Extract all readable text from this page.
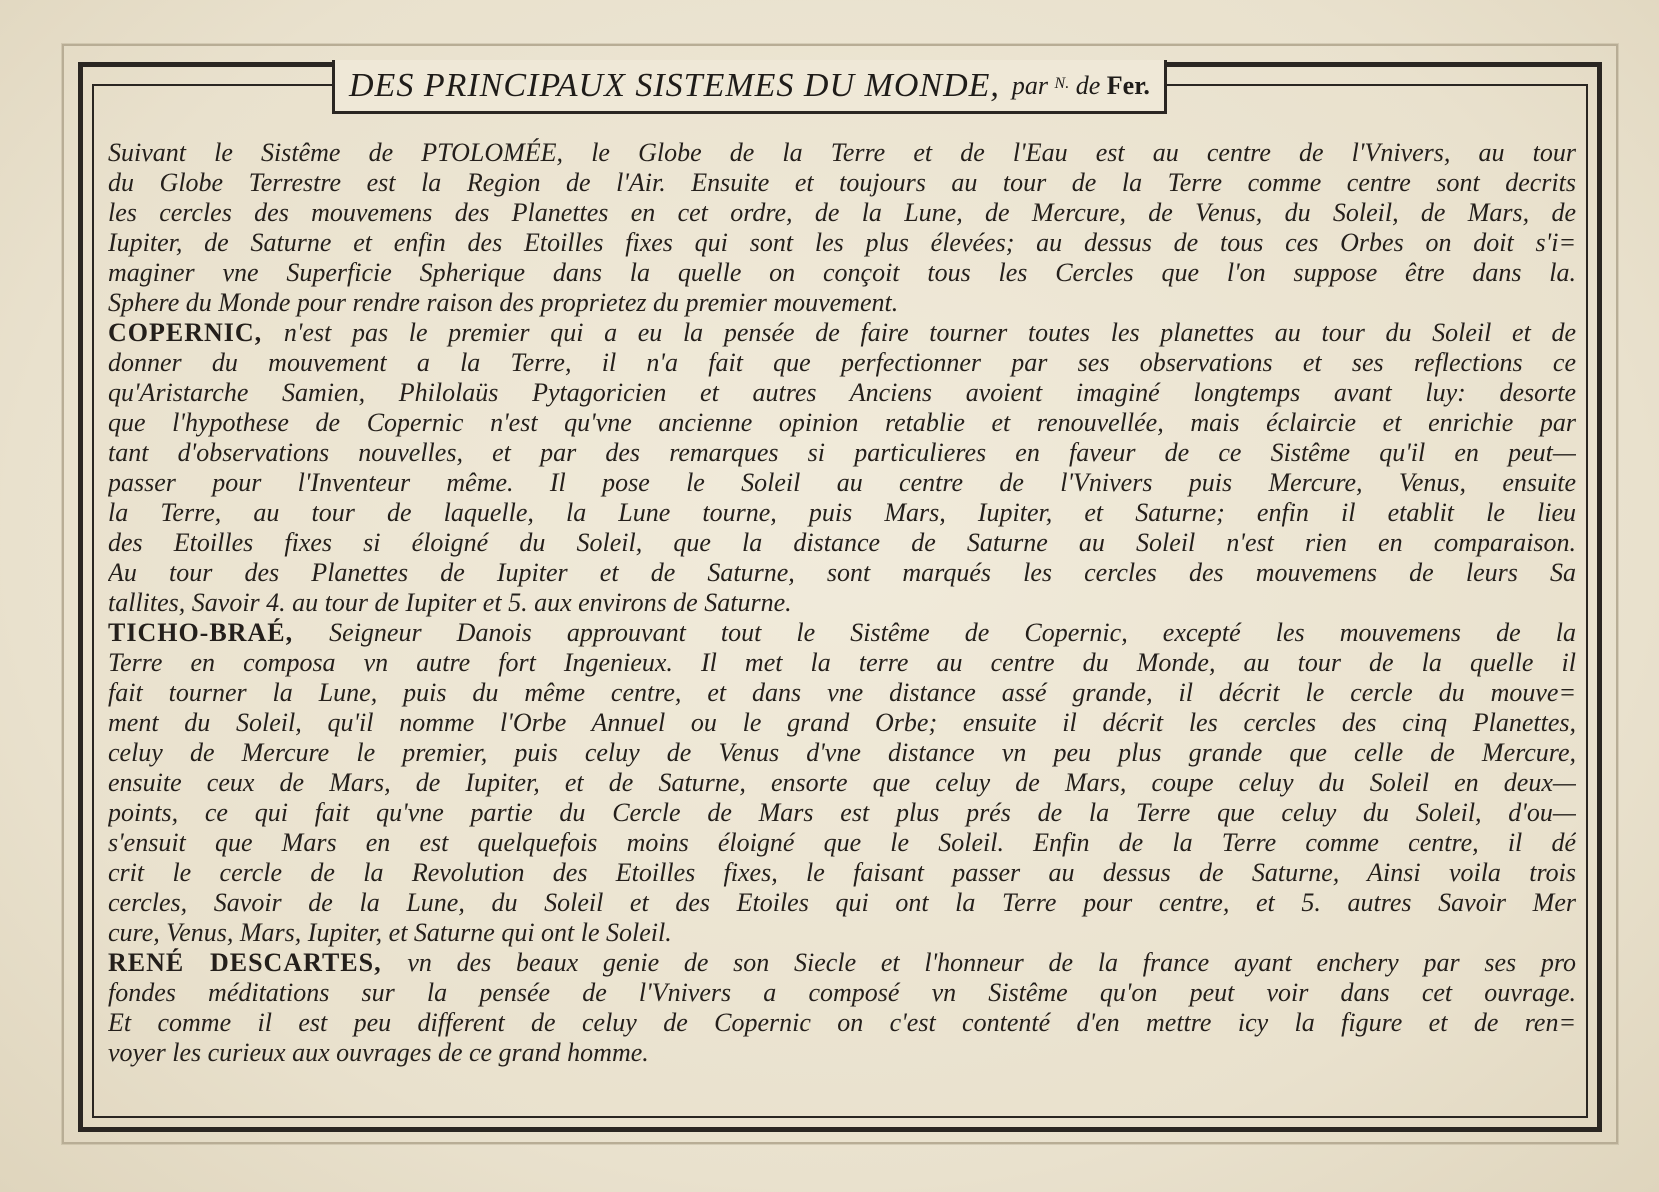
DES PRINCIPAUX SISTEMES DU MONDE, par $^{N.}$ de Fer.
Suivant le Sistême de PTOLOMÉE, le Globe de la Terre et de l'Eau est au centre de l'Vnivers, au tour
du Globe Terrestre est la Region de l'Air. Ensuite et toujours au tour de la Terre comme centre sont decrits
les cercles des mouvemens des Planettes en cet ordre, de la Lune, de Mercure, de Venus, du Soleil, de Mars, de
Iupiter, de Saturne et enfin des Etoilles fixes qui sont les plus élevées; au dessus de tous ces Orbes on doit s'i=
maginer vne Superficie Spherique dans la quelle on conçoit tous les Cercles que l'on suppose être dans la.
Sphere du Monde pour rendre raison des proprietez du premier mouvement.
COPERNIC, n'est pas le premier qui a eu la pensée de faire tourner toutes les planettes au tour du Soleil et de
donner du mouvement a la Terre, il n'a fait que perfectionner par ses observations et ses reflections ce
qu'Aristarche Samien, Philolaüs Pytagoricien et autres Anciens avoient imaginé longtemps avant luy: desorte
que l'hypothese de Copernic n'est qu'vne ancienne opinion retablie et renouvellée, mais éclaircie et enrichie par
tant d'observations nouvelles, et par des remarques si particulieres en faveur de ce Sistême qu'il en peut—
passer pour l'Inventeur même. Il pose le Soleil au centre de l'Vnivers puis Mercure, Venus, ensuite
la Terre, au tour de laquelle, la Lune tourne, puis Mars, Iupiter, et Saturne; enfin il etablit le lieu
des Etoilles fixes si éloigné du Soleil, que la distance de Saturne au Soleil n'est rien en comparaison.
Au tour des Planettes de Iupiter et de Saturne, sont marqués les cercles des mouvemens de leurs Sa
tallites, Savoir 4. au tour de Iupiter et 5. aux environs de Saturne.
TICHO-BRAÉ, Seigneur Danois approuvant tout le Sistême de Copernic, excepté les mouvemens de la
Terre en composa vn autre fort Ingenieux. Il met la terre au centre du Monde, au tour de la quelle il
fait tourner la Lune, puis du même centre, et dans vne distance assé grande, il décrit le cercle du mouve=
ment du Soleil, qu'il nomme l'Orbe Annuel ou le grand Orbe; ensuite il décrit les cercles des cinq Planettes,
celuy de Mercure le premier, puis celuy de Venus d'vne distance vn peu plus grande que celle de Mercure,
ensuite ceux de Mars, de Iupiter, et de Saturne, ensorte que celuy de Mars, coupe celuy du Soleil en deux—
points, ce qui fait qu'vne partie du Cercle de Mars est plus prés de la Terre que celuy du Soleil, d'ou—
s'ensuit que Mars en est quelquefois moins éloigné que le Soleil. Enfin de la Terre comme centre, il dé
crit le cercle de la Revolution des Etoilles fixes, le faisant passer au dessus de Saturne, Ainsi voila trois
cercles, Savoir de la Lune, du Soleil et des Etoiles qui ont la Terre pour centre, et 5. autres Savoir Mer
cure, Venus, Mars, Iupiter, et Saturne qui ont le Soleil.
RENÉ DESCARTES, vn des beaux genie de son Siecle et l'honneur de la france ayant enchery par ses pro
fondes méditations sur la pensée de l'Vnivers a composé vn Sistême qu'on peut voir dans cet ouvrage.
Et comme il est peu different de celuy de Copernic on c'est contenté d'en mettre icy la figure et de ren=
voyer les curieux aux ouvrages de ce grand homme.
